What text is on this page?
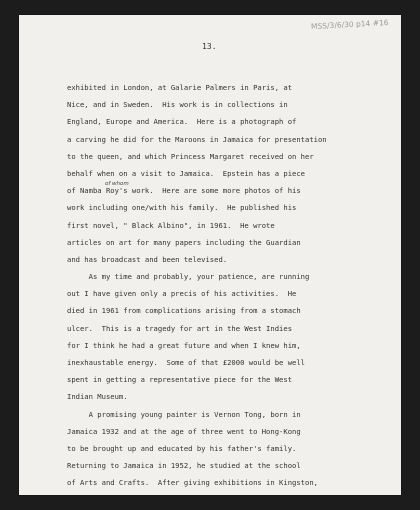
MSS/3/6/30 p14 #16
13.
of whom
exhibited in London, at Galarie Palmers in Paris, at
Nice, and in Sweden.  His work is in collections in
England, Europe and America.  Here is a photograph of
a carving he did for the Maroons in Jamaica for presentation
to the queen, and which Princess Margaret received on her
behalf when on a visit to Jamaica.  Epstein has a piece
of Namba Roy's work.  Here are some more photos of his
work including one/with his family.  He published his
first novel, " Black Albino", in 1961.  He wrote
articles on art for many papers including the Guardian
and has broadcast and been televised.
As my time and probably, your patience, are running
out I have given only a precis of his activities.  He
died in 1961 from complications arising from a stomach
ulcer.  This is a tragedy for art in the West Indies
for I think he had a great future and when I knew him,
inexhaustable energy.  Some of that £2000 would be well
spent in getting a representative piece for the West
Indian Museum.
A promising young painter is Vernon Tong, born in
Jamaica 1932 and at the age of three went to Hong-Kong
to be brought up and educated by his father's family.
Returning to Jamaica in 1952, he studied at the school
of Arts and Crafts.  After giving exhibitions in Kingston,
